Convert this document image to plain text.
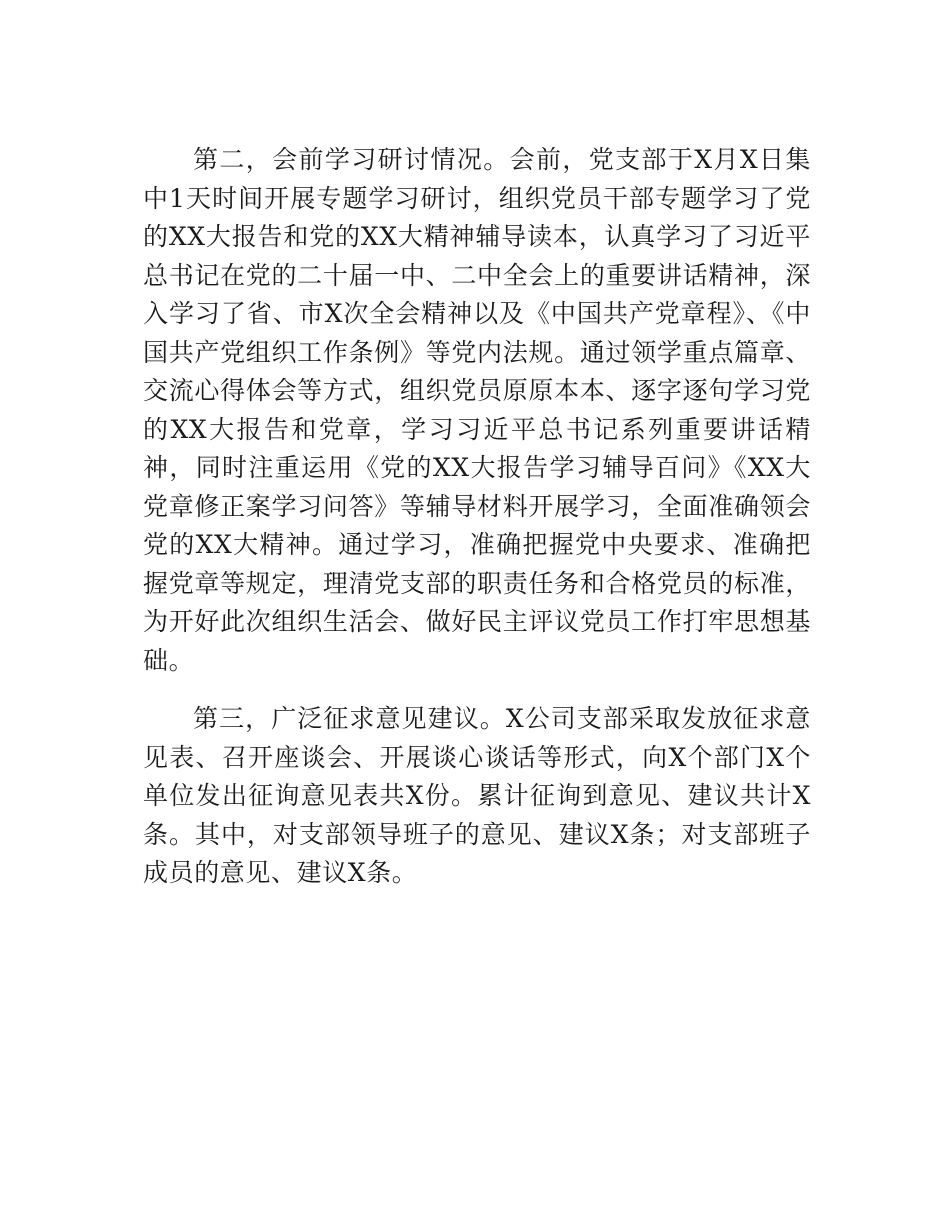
第二，会前学习研讨情况。会前，党支部于X月X日集中1天时间开展专题学习研讨，组织党员干部专题学习了党的XX大报告和党的XX大精神辅导读本，认真学习了习近平总书记在党的二十届一中、二中全会上的重要讲话精神，深入学习了省、市X次全会精神以及《中国共产党章程》、《中国共产党组织工作条例》等党内法规。通过领学重点篇章、交流心得体会等方式，组织党员原原本本、逐字逐句学习党的XX大报告和党章，学习习近平总书记系列重要讲话精神，同时注重运用《党的XX大报告学习辅导百问》《XX大党章修正案学习问答》等辅导材料开展学习，全面准确领会党的XX大精神。通过学习，准确把握党中央要求、准确把握党章等规定，理清党支部的职责任务和合格党员的标准，为开好此次组织生活会、做好民主评议党员工作打牢思想基础。

第三，广泛征求意见建议。X公司支部采取发放征求意见表、召开座谈会、开展谈心谈话等形式，向X个部门X个单位发出征询意见表共X份。累计征询到意见、建议共计X条。其中，对支部领导班子的意见、建议X条；对支部班子成员的意见、建议X条。
